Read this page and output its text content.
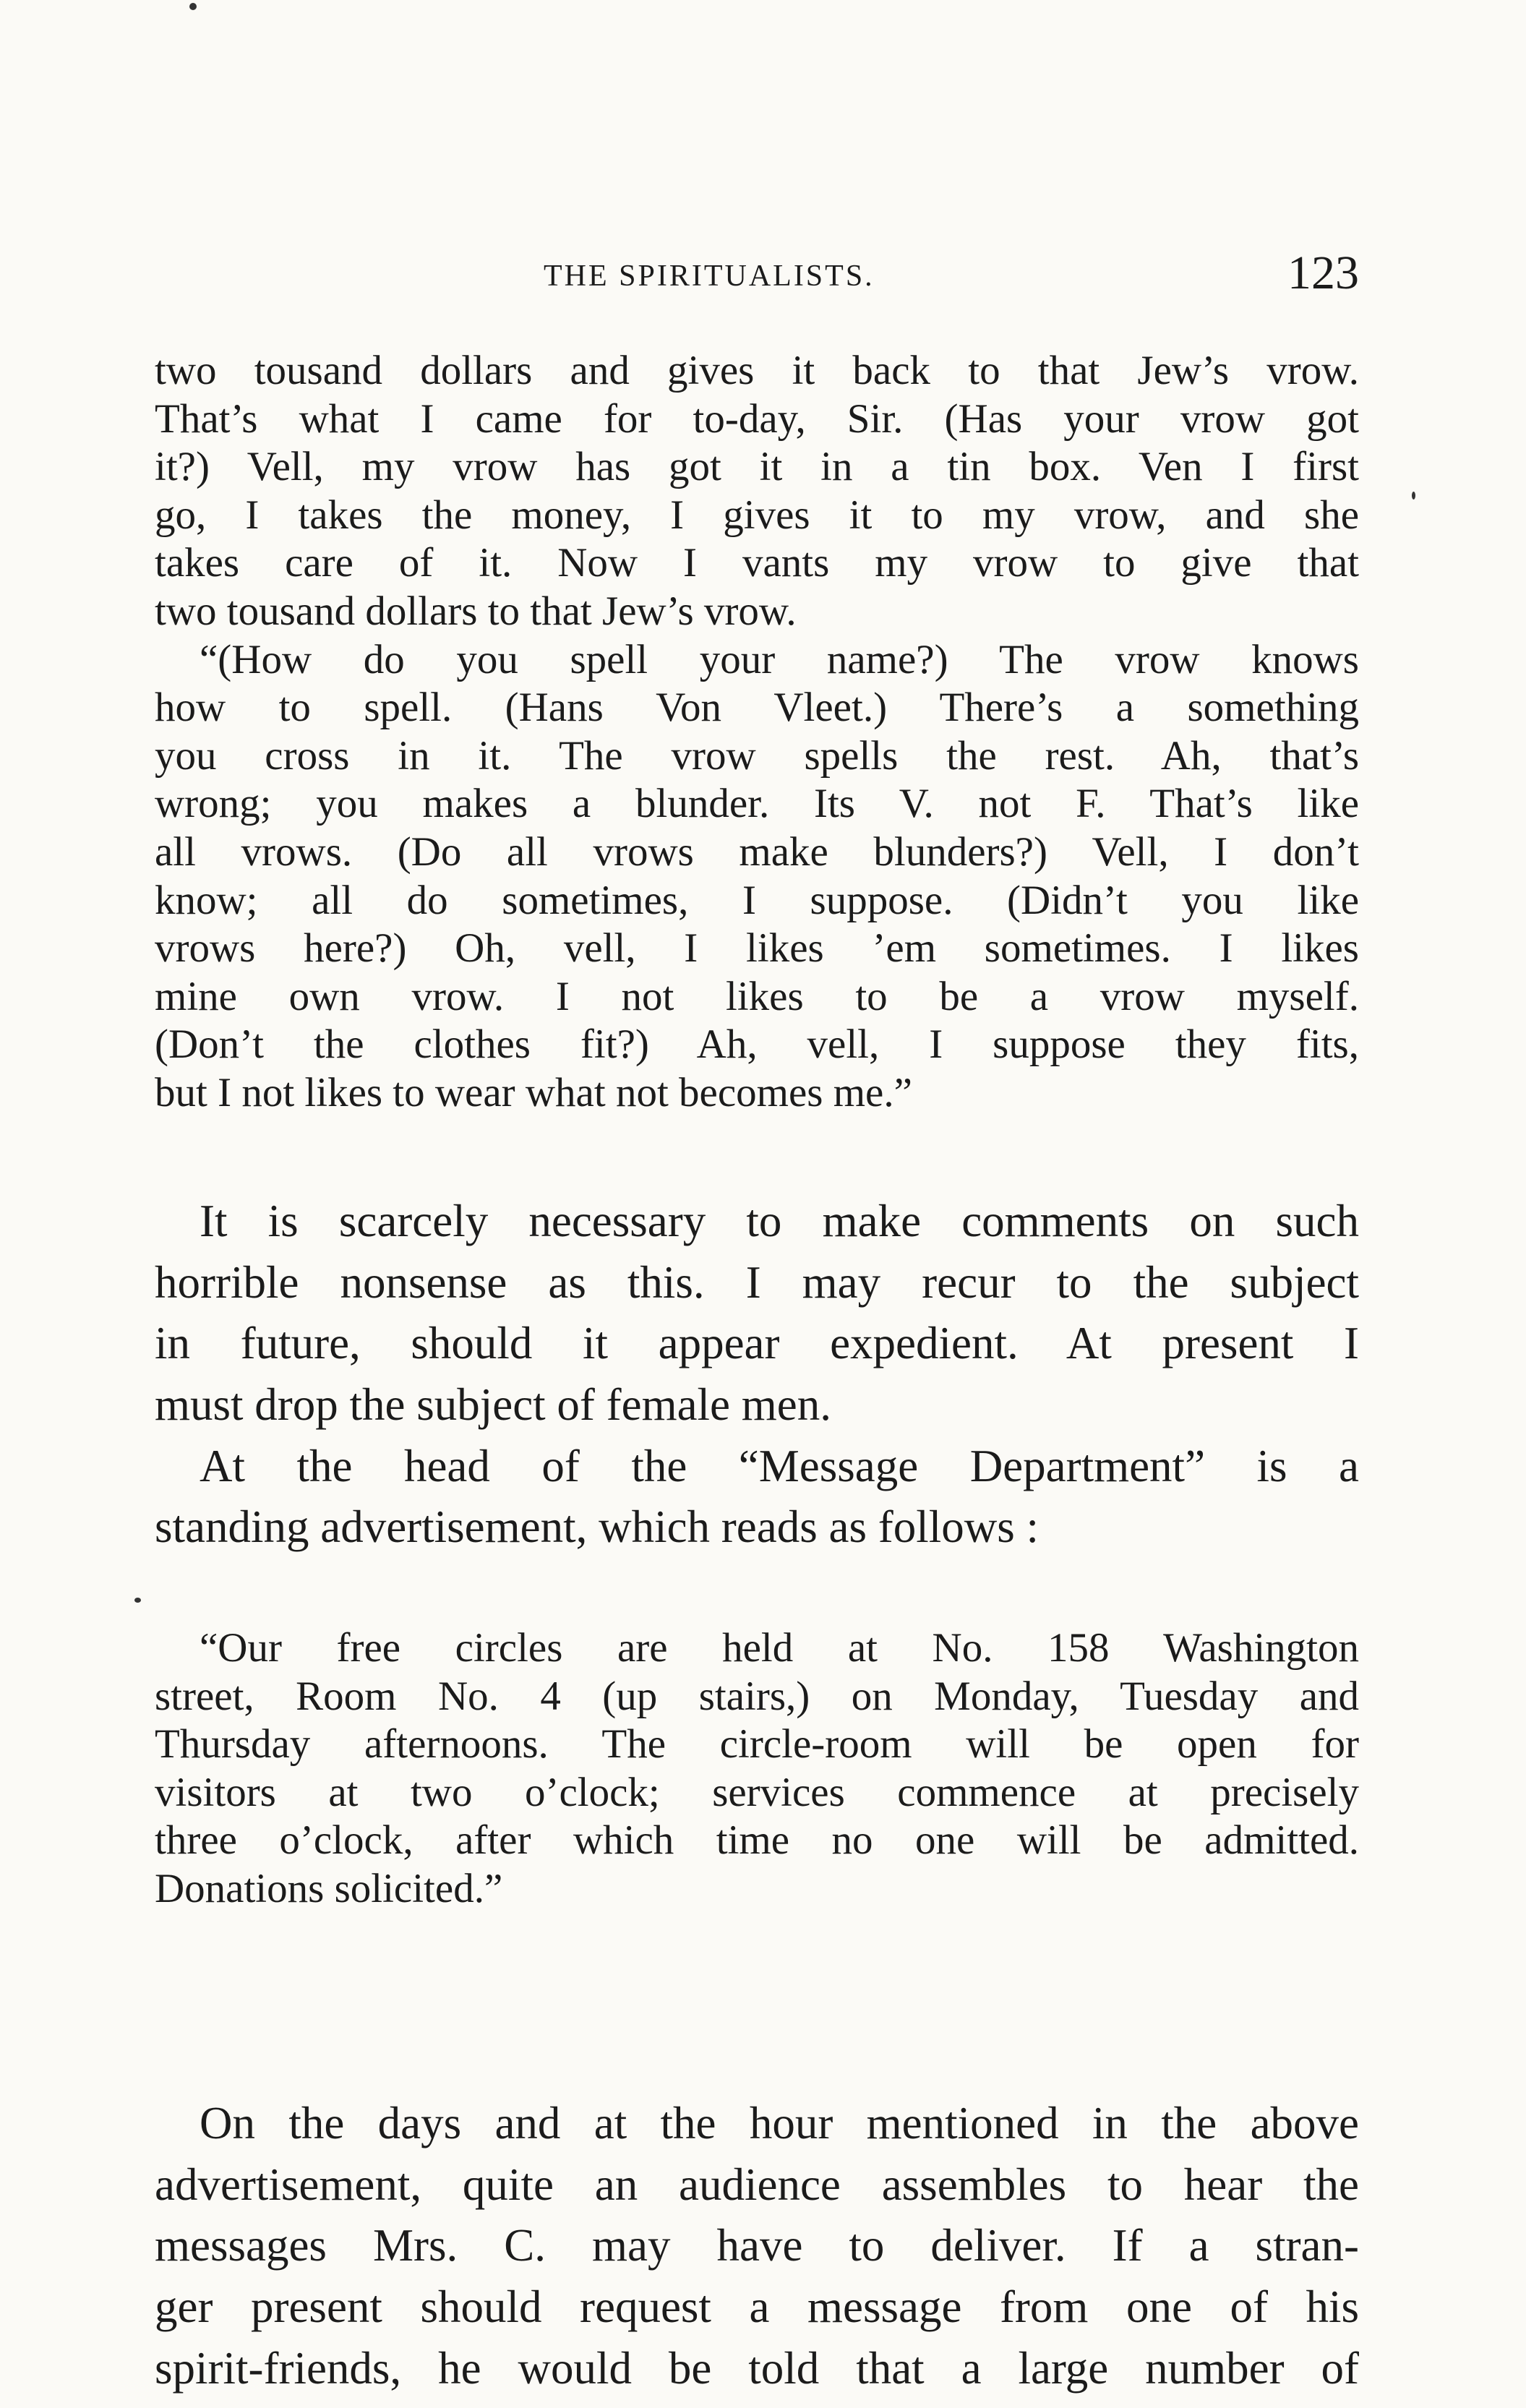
THE SPIRITUALISTS.	123
two tousand dollars and gives it back to that Jew’s vrow.
That’s what I came for to-day, Sir. (Has your vrow got
it?) Vell, my vrow has got it in a tin box. Ven I first
go, I takes the money, I gives it to my vrow, and she
takes care of it. Now I vants my vrow to give that
two tousand dollars to that Jew’s vrow.
“(How do you spell your name?) The vrow knows
how to spell. (Hans Von Vleet.) There’s a something
you cross in it. The vrow spells the rest. Ah, that’s
wrong; you makes a blunder. Its V. not F. That’s like
all vrows. (Do all vrows make blunders?) Vell, I don’t
know; all do sometimes, I suppose. (Didn’t you like
vrows here?) Oh, vell, I likes ’em sometimes. I likes
mine own vrow. I not likes to be a vrow myself.
(Don’t the clothes fit?) Ah, vell, I suppose they fits,
but I not likes to wear what not becomes me.”
It is scarcely necessary to make comments on such
horrible nonsense as this. I may recur to the subject
in future, should it appear expedient. At present I
must drop the subject of female men.
At the head of the “Message Department” is a
standing advertisement, which reads as follows :
“Our free circles are held at No. 158 Washington
street, Room No. 4 (up stairs,) on Monday, Tuesday and
Thursday afternoons. The circle-room will be open for
visitors at two o’clock; services commence at precisely
three o’clock, after which time no one will be admitted.
Donations solicited.”
On the days and at the hour mentioned in the above
advertisement, quite an audience assembles to hear the
messages Mrs. C. may have to deliver. If a stran-
ger present should request a message from one of his
spirit-friends, he would be told that a large number of
